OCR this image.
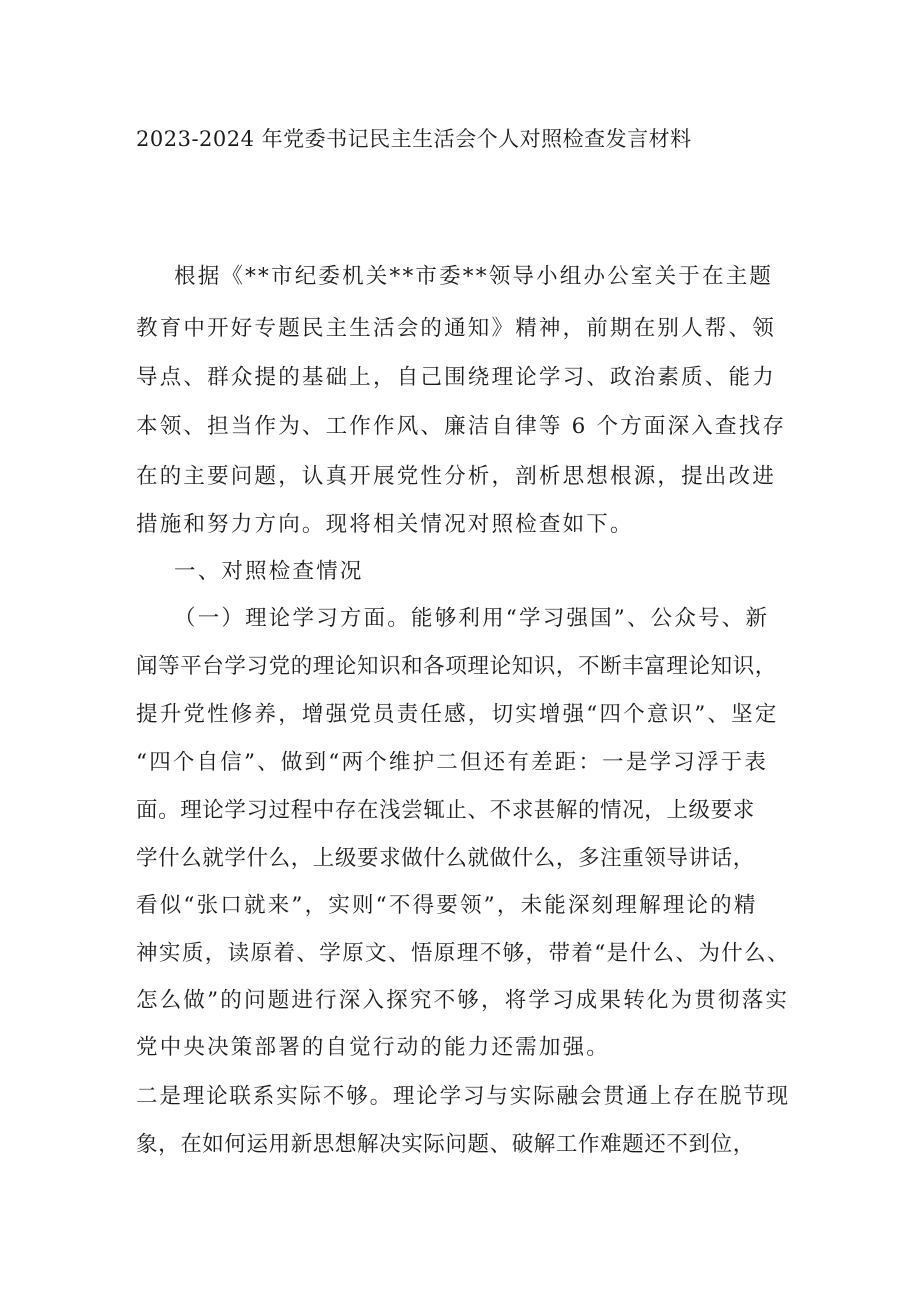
2023-2024 年党委书记民主生活会个人对照检查发言材料
根据《**市纪委机关**市委**领导小组办公室关于在主题
教育中开好专题民主生活会的通知》精神，前期在别人帮、领
导点、群众提的基础上，自己围绕理论学习、政治素质、能力
本领、担当作为、工作作风、廉洁自律等 6 个方面深入查找存
在的主要问题，认真开展党性分析，剖析思想根源，提出改进
措施和努力方向。现将相关情况对照检查如下。
一、对照检查情况
（一）理论学习方面。能够利用“学习强国”、公众号、新
闻等平台学习党的理论知识和各项理论知识，不断丰富理论知识，
提升党性修养，增强党员责任感，切实增强“四个意识”、坚定
“四个自信”、做到“两个维护二但还有差距：一是学习浮于表
面。理论学习过程中存在浅尝辄止、不求甚解的情况，上级要求
学什么就学什么，上级要求做什么就做什么，多注重领导讲话，
看似“张口就来”，实则“不得要领”，未能深刻理解理论的精
神实质，读原着、学原文、悟原理不够，带着“是什么、为什么、
怎么做”的问题进行深入探究不够，将学习成果转化为贯彻落实
党中央决策部署的自觉行动的能力还需加强。
二是理论联系实际不够。理论学习与实际融会贯通上存在脱节现
象，在如何运用新思想解决实际问题、破解工作难题还不到位，
